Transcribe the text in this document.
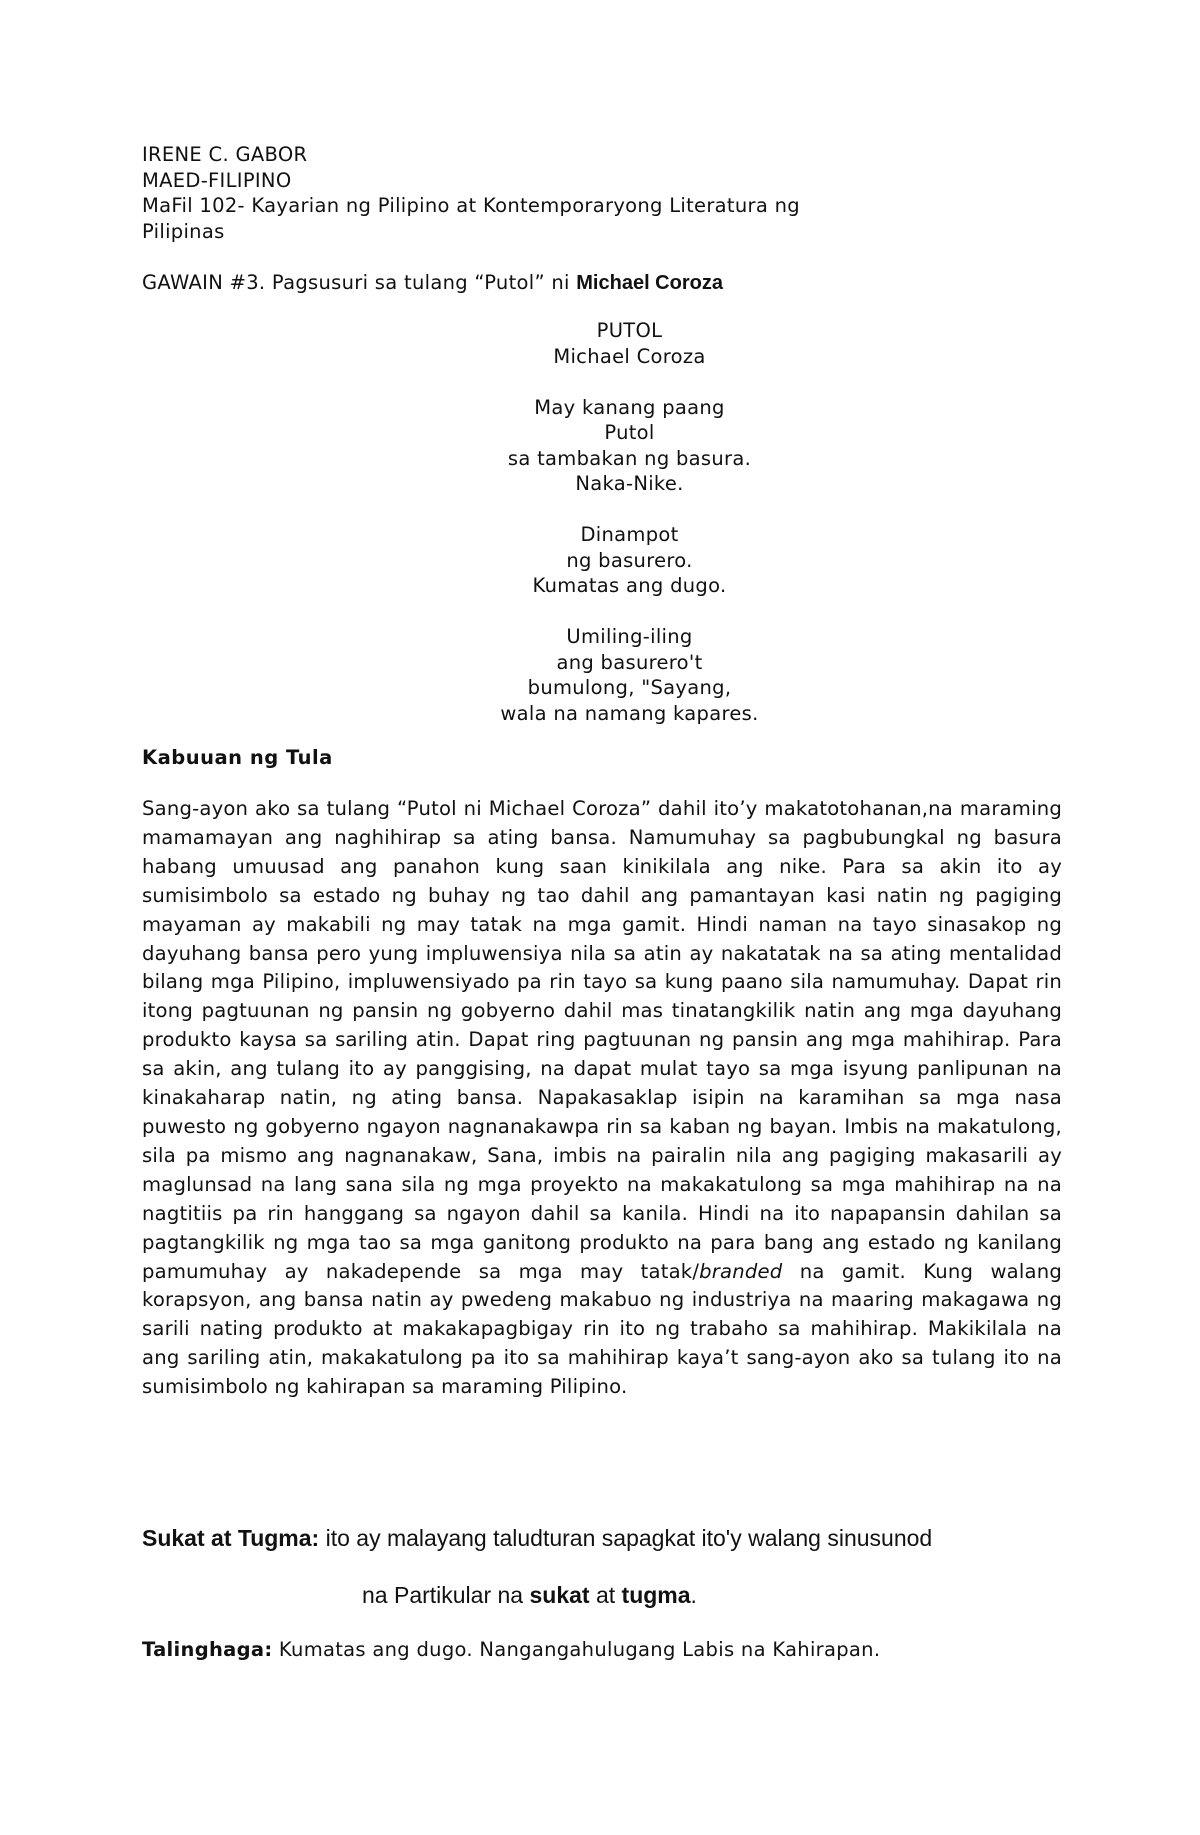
IRENE C. GABOR
MAED-FILIPINO
MaFil 102- Kayarian ng Pilipino at Kontemporaryong Literatura ng
Pilipinas
GAWAIN #3. Pagsusuri sa tulang “Putol” ni Michael Coroza
PUTOL
Michael Coroza
May kanang paang
Putol
sa tambakan ng basura.
Naka-Nike.
Dinampot
ng basurero.
Kumatas ang dugo.
Umiling-iling
ang basurero't
bumulong, "Sayang,
wala na namang kapares.
Kabuuan ng Tula
Sang-ayon ako sa tulang “Putol ni Michael Coroza” dahil ito’y makatotohanan,na maraming mamamayan ang naghihirap sa ating bansa. Namumuhay sa pagbubungkal ng basura habang umuusad ang panahon kung saan kinikilala ang nike. Para sa akin ito ay sumisimbolo sa estado ng buhay ng tao dahil ang pamantayan kasi natin ng pagiging mayaman ay makabili ng may tatak na mga gamit. Hindi naman na tayo sinasakop ng dayuhang bansa pero yung impluwensiya nila sa atin ay nakatatak na sa ating mentalidad bilang mga Pilipino, impluwensiyado pa rin tayo sa kung paano sila namumuhay. Dapat rin itong pagtuunan ng pansin ng gobyerno dahil mas tinatangkilik natin ang mga dayuhang produkto kaysa sa sariling atin. Dapat ring pagtuunan ng pansin ang mga mahihirap. Para sa akin, ang tulang ito ay panggising, na dapat mulat tayo sa mga isyung panlipunan na kinakaharap natin, ng ating bansa. Napakasaklap isipin na karamihan sa mga nasa puwesto ng gobyerno ngayon nagnanakawpa rin sa kaban ng bayan. Imbis na makatulong, sila pa mismo ang nagnanakaw, Sana, imbis na pairalin nila ang pagiging makasarili ay maglunsad na lang sana sila ng mga proyekto na makakatulong sa mga mahihirap na na nagtitiis pa rin hanggang sa ngayon dahil sa kanila. Hindi na ito napapansin dahilan sa pagtangkilik ng mga tao sa mga ganitong produkto na para bang ang estado ng kanilang pamumuhay ay nakadepende sa mga may tatak/branded na gamit. Kung walang korapsyon, ang bansa natin ay pwedeng makabuo ng industriya na maaring makagawa ng sarili nating produkto at makakapagbigay rin ito ng trabaho sa mahihirap. Makikilala na ang sariling atin, makakatulong pa ito sa mahihirap kaya’t sang-ayon ako sa tulang ito na sumisimbolo ng kahirapan sa maraming Pilipino.
Sukat at Tugma: ito ay malayang taludturan sapagkat ito'y walang sinusunod
na Partikular na sukat at tugma.
Talinghaga: Kumatas ang dugo. Nangangahulugang Labis na Kahirapan.
